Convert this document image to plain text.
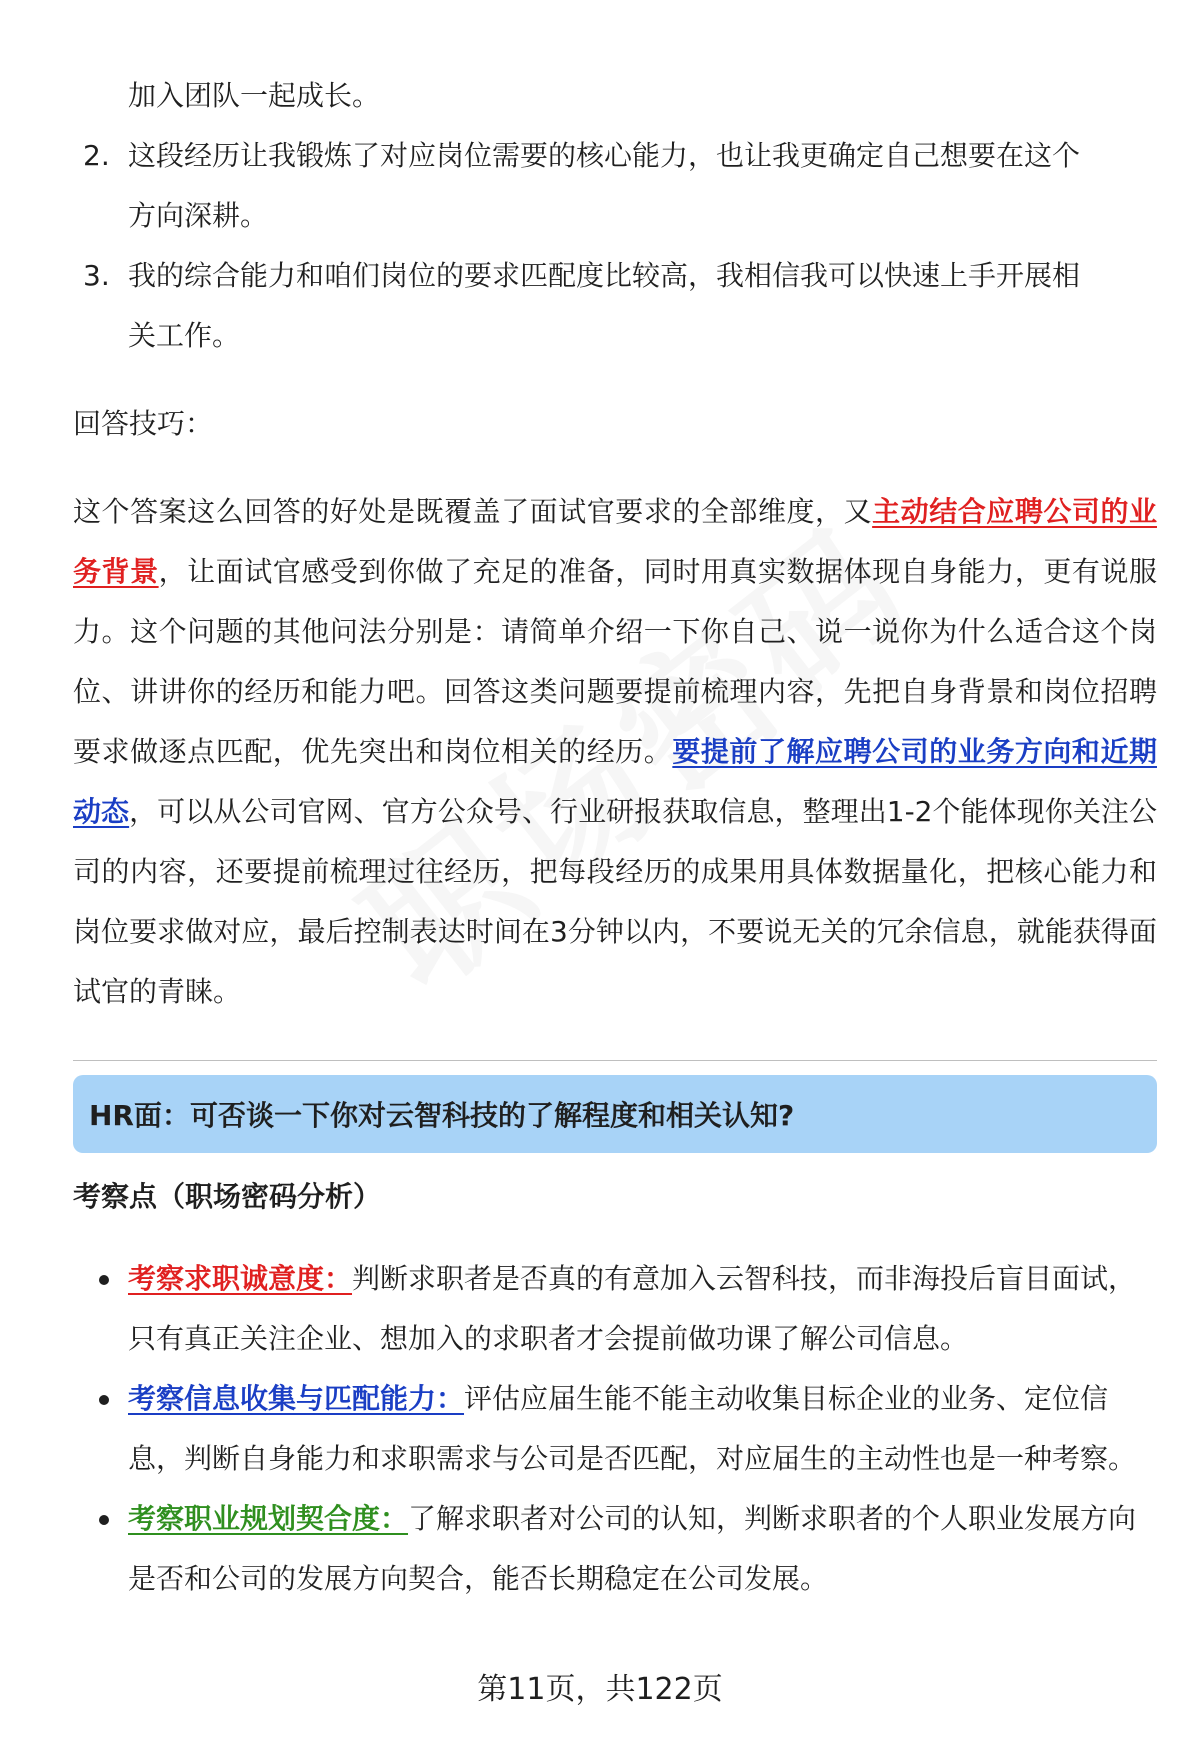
加入团队一起成长。
2. 这段经历让我锻炼了对应岗位需要的核心能力，也让我更确定自己想要在这个
方向深耕。
3. 我的综合能力和咱们岗位的要求匹配度比较高，我相信我可以快速上手开展相
关工作。
回答技巧：
这个答案这么回答的好处是既覆盖了面试官要求的全部维度，又主动结合应聘公司的业务背景，让面试官感受到你做了充足的准备，同时用真实数据体现自身能力，更有说服力。这个问题的其他问法分别是：请简单介绍一下你自己、说一说你为什么适合这个岗位、讲讲你的经历和能力吧。回答这类问题要提前梳理内容，先把自身背景和岗位招聘要求做逐点匹配，优先突出和岗位相关的经历。要提前了解应聘公司的业务方向和近期动态，可以从公司官网、官方公众号、行业研报获取信息，整理出1-2个能体现你关注公司的内容，还要提前梳理过往经历，把每段经历的成果用具体数据量化，把核心能力和岗位要求做对应，最后控制表达时间在3分钟以内，不要说无关的冗余信息，就能获得面试官的青睐。
HR面：可否谈一下你对云智科技的了解程度和相关认知?
考察点（职场密码分析）
考察求职诚意度：判断求职者是否真的有意加入云智科技，而非海投后盲目面试，只有真正关注企业、想加入的求职者才会提前做功课了解公司信息。
考察信息收集与匹配能力：评估应届生能不能主动收集目标企业的业务、定位信息，判断自身能力和求职需求与公司是否匹配，对应届生的主动性也是一种考察。
考察职业规划契合度：了解求职者对公司的认知，判断求职者的个人职业发展方向是否和公司的发展方向契合，能否长期稳定在公司发展。
第11页，共122页
